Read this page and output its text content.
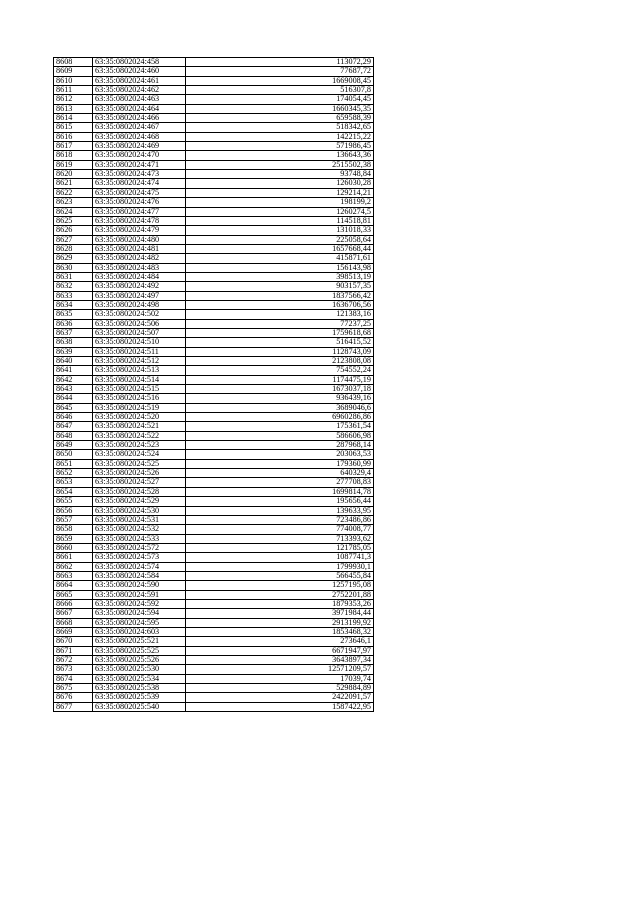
8608	63:35:0802024:458	113072,29
8609	63:35:0802024:460	77687,72
8610	63:35:0802024:461	1669008,45
8611	63:35:0802024:462	516307,8
8612	63:35:0802024:463	174054,45
8613	63:35:0802024:464	1660345,35
8614	63:35:0802024:466	659588,39
8615	63:35:0802024:467	518342,65
8616	63:35:0802024:468	142215,22
8617	63:35:0802024:469	571986,45
8618	63:35:0802024:470	136643,36
8619	63:35:0802024:471	2515502,38
8620	63:35:0802024:473	93748,84
8621	63:35:0802024:474	126030,28
8622	63:35:0802024:475	129214,21
8623	63:35:0802024:476	198199,2
8624	63:35:0802024:477	1260274,5
8625	63:35:0802024:478	114518,81
8626	63:35:0802024:479	131018,33
8627	63:35:0802024:480	225058,64
8628	63:35:0802024:481	1657668,44
8629	63:35:0802024:482	415871,61
8630	63:35:0802024:483	156143,98
8631	63:35:0802024:484	398513,19
8632	63:35:0802024:492	903157,35
8633	63:35:0802024:497	1837566,42
8634	63:35:0802024:498	1636706,56
8635	63:35:0802024:502	121383,16
8636	63:35:0802024:506	77237,25
8637	63:35:0802024:507	1759618,68
8638	63:35:0802024:510	516415,52
8639	63:35:0802024:511	1128743,09
8640	63:35:0802024:512	2123808,08
8641	63:35:0802024:513	754552,24
8642	63:35:0802024:514	1174475,19
8643	63:35:0802024:515	1673037,18
8644	63:35:0802024:516	936439,16
8645	63:35:0802024:519	3689046,6
8646	63:35:0802024:520	6960286,86
8647	63:35:0802024:521	175361,54
8648	63:35:0802024:522	586606,98
8649	63:35:0802024:523	287968,14
8650	63:35:0802024:524	203063,53
8651	63:35:0802024:525	179360,99
8652	63:35:0802024:526	640329,4
8653	63:35:0802024:527	277708,83
8654	63:35:0802024:528	1699814,78
8655	63:35:0802024:529	195656,44
8656	63:35:0802024:530	139633,95
8657	63:35:0802024:531	723486,86
8658	63:35:0802024:532	774008,77
8659	63:35:0802024:533	713393,62
8660	63:35:0802024:572	121785,05
8661	63:35:0802024:573	1087741,3
8662	63:35:0802024:574	1799930,1
8663	63:35:0802024:584	566455,84
8664	63:35:0802024:590	1257195,08
8665	63:35:0802024:591	2752201,88
8666	63:35:0802024:592	1879353,26
8667	63:35:0802024:594	3971984,44
8668	63:35:0802024:595	2913199,92
8669	63:35:0802024:603	1853468,32
8670	63:35:0802025:521	273646,1
8671	63:35:0802025:525	6671947,97
8672	63:35:0802025:526	3643897,34
8673	63:35:0802025:530	12571209,57
8674	63:35:0802025:534	17039,74
8675	63:35:0802025:538	529884,89
8676	63:35:0802025:539	2422091,57
8677	63:35:0802025:540	1587422,95
